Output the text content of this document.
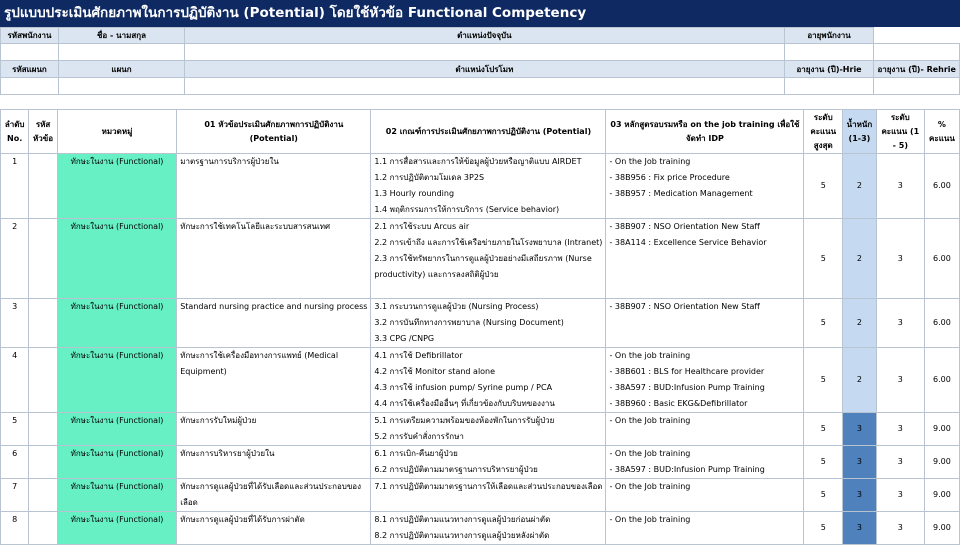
รูปแบบประเมินศักยภาพในการปฏิบัติงาน (Potential) โดยใช้หัวข้อ Functional Competency
รหัสพนักงาน	ชื่อ - นามสกุล	ตำแหน่งปัจจุบัน	อายุพนักงาน	

รหัสแผนก	แผนก	ตำแหน่งโปรโมท	อายุงาน (ปี)-Hrie	อายุงาน (ปี)- Rehrie

ลำดับ No.	รหัส หัวข้อ	หมวดหมู่	01 หัวข้อประเมินศักยภาพการปฏิบัติงาน (Potential)	02 เกณฑ์การประเมินศักยภาพการปฏิบัติงาน (Potential)	03 หลักสูตรอบรมหรือ on the job training เพื่อใช้จัดทำ IDP	ระดับคะแนนสูงสุด	น้ำหนัก (1-3)	ระดับคะแนน (1 - 5)	% คะแนน
1		ทักษะในงาน (Functional)	มาตรฐานการบริการผู้ป่วยใน	1.1 การสื่อสารและการให้ข้อมูลผู้ป่วยหรือญาติแบบ AIRDET
1.2 การปฏิบัติตามโมเดล 3P2S
1.3 Hourly rounding
1.4 พฤติกรรมการให้การบริการ (Service behavior)	- On the Job training
- 38B956 : Fix price Procedure
- 38B957 : Medication Management	5	2	3	6.00
2		ทักษะในงาน (Functional)	ทักษะการใช้เทคโนโลยีและระบบสารสนเทศ	2.1 การใช้ระบบ Arcus air
2.2 การเข้าถึง และการใช้เครือข่ายภายในโรงพยาบาล (Intranet)
2.3 การใช้ทรัพยากรในการดูแลผู้ป่วยอย่างมีเสถียรภาพ (Nurse
productivity) และการลงสถิติผู้ป่วย	- 38B907 : NSO Orientation New Staff
- 38A114 : Excellence Service Behavior	5	2	3	6.00
3		ทักษะในงาน (Functional)	Standard nursing practice and nursing process	3.1 กระบวนการดูแลผู้ป่วย (Nursing Process)
3.2 การบันทึกทางการพยาบาล (Nursing Document)
3.3 CPG /CNPG	- 38B907 : NSO Orientation New Staff	5	2	3	6.00
4		ทักษะในงาน (Functional)	ทักษะการใช้เครื่องมือทางการแพทย์ (Medical
Equipment)	4.1 การใช้ Defibrillator
4.2 การใช้ Monitor stand alone
4.3 การใช้ infusion pump/ Syrine pump / PCA
4.4 การใช้เครื่องมืออื่นๆ ที่เกี่ยวข้องกับบริบทของงาน	- On the job training
- 38B601 : BLS for Healthcare provider
- 38A597 : BUD:Infusion Pump Training
- 38B960 : Basic EKG&Defibrillator	5	2	3	6.00
5		ทักษะในงาน (Functional)	ทักษะการรับใหม่ผู้ป่วย	5.1 การเตรียมความพร้อมของห้องพักในการรับผู้ป่วย
5.2 การรับคำสั่งการรักษา	- On the Job training	5	3	3	9.00
6		ทักษะในงาน (Functional)	ทักษะการบริหารยาผู้ป่วยใน	6.1 การเบิก-คืนยาผู้ป่วย
6.2 การปฏิบัติตามมาตรฐานการบริหารยาผู้ป่วย	- On the Job training
- 38A597 : BUD:Infusion Pump Training	5	3	3	9.00
7		ทักษะในงาน (Functional)	ทักษะการดูแลผู้ป่วยที่ได้รับเลือดและส่วนประกอบของ
เลือด	7.1 การปฏิบัติตามมาตรฐานการให้เลือดและส่วนประกอบของเลือด	- On the Job training	5	3	3	9.00
8		ทักษะในงาน (Functional)	ทักษะการดูแลผู้ป่วยที่ได้รับการผ่าตัด	8.1 การปฏิบัติตามแนวทางการดูแลผู้ป่วยก่อนผ่าตัด
8.2 การปฏิบัติตามแนวทางการดูแลผู้ป่วยหลังผ่าตัด	- On the Job training	5	3	3	9.00
